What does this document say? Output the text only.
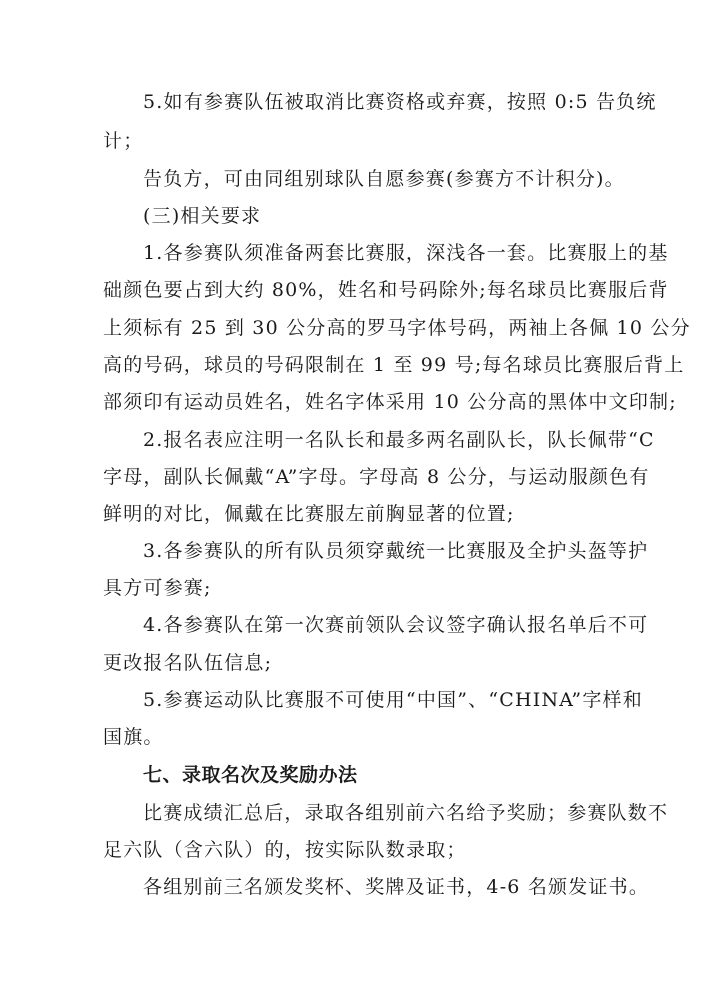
5.如有参赛队伍被取消比赛资格或弃赛，按照 0:5 告负统
计；
告负方，可由同组别球队自愿参赛(参赛方不计积分)。
(三)相关要求
1.各参赛队须准备两套比赛服，深浅各一套。比赛服上的基
础颜色要占到大约 80%，姓名和号码除外;每名球员比赛服后背
上须标有 25 到 30 公分高的罗马字体号码，两袖上各佩 10 公分
高的号码，球员的号码限制在 1 至 99 号;每名球员比赛服后背上
部须印有运动员姓名，姓名字体采用 10 公分高的黑体中文印制;
2.报名表应注明一名队长和最多两名副队长，队长佩带“C
字母，副队长佩戴“A”字母。字母高 8 公分，与运动服颜色有
鲜明的对比，佩戴在比赛服左前胸显著的位置;
3.各参赛队的所有队员须穿戴统一比赛服及全护头盔等护
具方可参赛;
4.各参赛队在第一次赛前领队会议签字确认报名单后不可
更改报名队伍信息;
5.参赛运动队比赛服不可使用“中国”、“CHINA”字样和
国旗。
七、录取名次及奖励办法
比赛成绩汇总后，录取各组别前六名给予奖励；参赛队数不
足六队（含六队）的，按实际队数录取；
各组别前三名颁发奖杯、奖牌及证书，4-6 名颁发证书。
